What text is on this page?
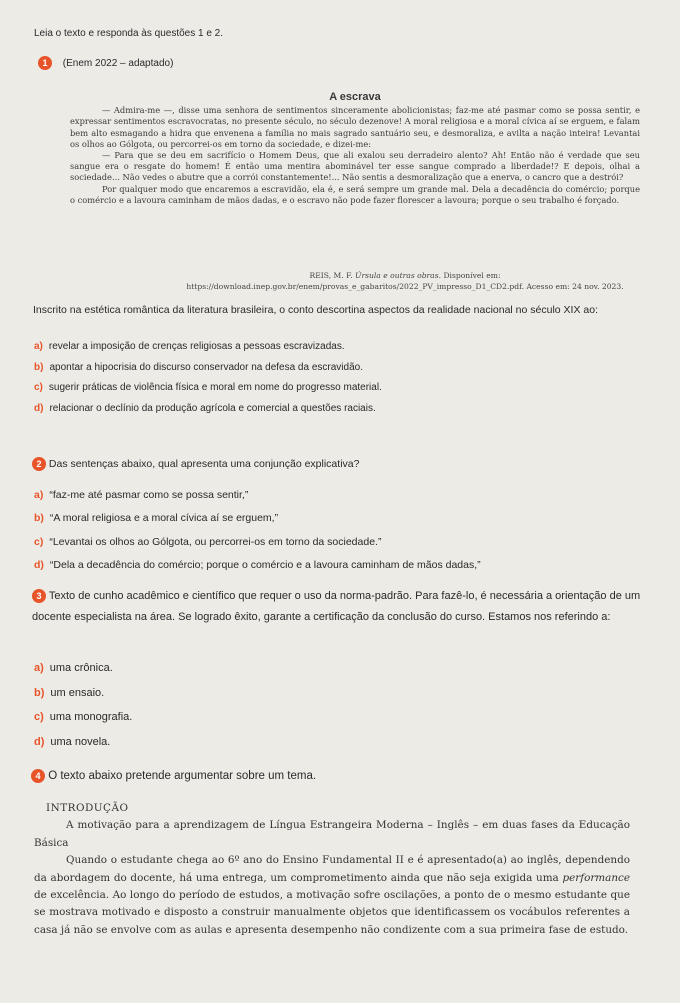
Leia o texto e responda às questões 1 e 2.
1 (Enem 2022 – adaptado)
A escrava

— Admira-me —, disse uma senhora de sentimentos sinceramente abolicionistas; faz-me até pasmar como se possa sentir, e expressar sentimentos escravocratas, no presente século, no século dezenove! A moral religiosa e a moral cívica aí se erguem, e falam bem alto esmagando a hidra que envenena a família no mais sagrado santuário seu, e desmoraliza, e avilta a nação inteira! Levantai os olhos ao Gólgota, ou percorrei-os em torno da sociedade, e dizei-me:

— Para que se deu em sacrifício o Homem Deus, que ali exalou seu derradeiro alento? Ah! Então não é verdade que seu sangue era o resgate do homem! É então uma mentira abominável ter esse sangue comprado a liberdade!? E depois, olhai a sociedade... Não vedes o abutre que a corrói constantemente!... Não sentis a desmoralização que a enerva, o cancro que a destrói?

Por qualquer modo que encaremos a escravidão, ela é, e será sempre um grande mal. Dela a decadência do comércio; porque o comércio e a lavoura caminham de mãos dadas, e o escravo não pode fazer florescer a lavoura; porque o seu trabalho é forçado.

REIS, M. F. Úrsula e outras obras. Disponível em: https://download.inep.gov.br/enem/provas_e_gabaritos/2022_PV_impresso_D1_CD2.pdf. Acesso em: 24 nov. 2023.
Inscrito na estética romântica da literatura brasileira, o conto descortina aspectos da realidade nacional no século XIX ao:
a) revelar a imposição de crenças religiosas a pessoas escravizadas.
b) apontar a hipocrisia do discurso conservador na defesa da escravidão.
c) sugerir práticas de violência física e moral em nome do progresso material.
d) relacionar o declínio da produção agrícola e comercial a questões raciais.
2 Das sentenças abaixo, qual apresenta uma conjunção explicativa?
a) “faz-me até pasmar como se possa sentir,”
b) “A moral religiosa e a moral cívica aí se erguem,”
c) “Levantai os olhos ao Gólgota, ou percorrei-os em torno da sociedade.”
d) “Dela a decadência do comércio; porque o comércio e a lavoura caminham de mãos dadas,”
3 Texto de cunho acadêmico e científico que requer o uso da norma-padrão. Para fazê-lo, é necessária a orientação de um docente especialista na área. Se logrado êxito, garante a certificação da conclusão do curso. Estamos nos referindo a:
a) uma crônica.
b) um ensaio.
c) uma monografia.
d) uma novela.
4 O texto abaixo pretende argumentar sobre um tema.
INTRODUÇÃO

A motivação para a aprendizagem de Língua Estrangeira Moderna – Inglês – em duas fases da Educação Básica

Quando o estudante chega ao 6º ano do Ensino Fundamental II e é apresentado(a) ao inglês, dependendo da abordagem do docente, há uma entrega, um comprometimento ainda que não seja exigida uma performance de excelência. Ao longo do período de estudos, a motivação sofre oscilações, a ponto de o mesmo estudante que se mostrava motivado e disposto a construir manualmente objetos que identificassem os vocábulos referentes a casa já não se envolve com as aulas e apresenta desempenho não condizente com a sua primeira fase de estudo.
